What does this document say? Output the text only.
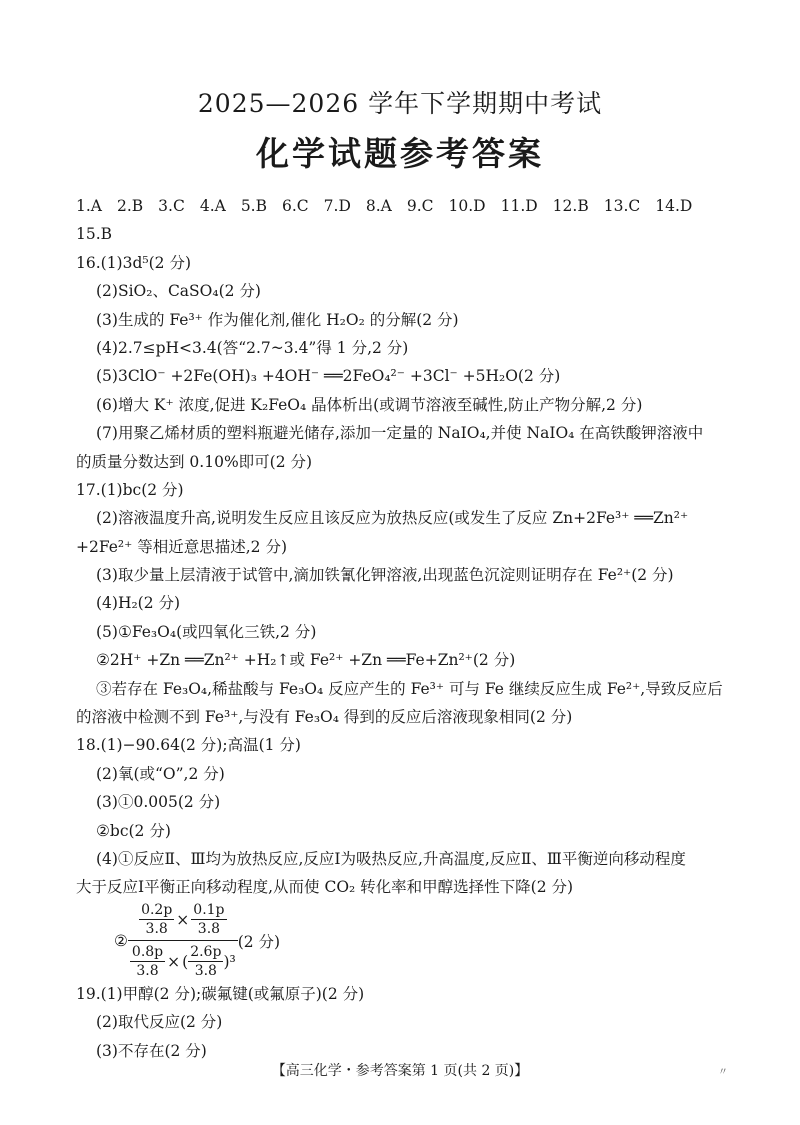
2025—2026 学年下学期期中考试
化学试题参考答案
1.A 2.B 3.C 4.A 5.B 6.C 7.D 8.A 9.C 10.D 11.D 12.B 13.C 14.D
15.B
16.(1)3d⁵(2 分)
(2)SiO₂、CaSO₄(2 分)
(3)生成的 Fe³⁺ 作为催化剂,催化 H₂O₂ 的分解(2 分)
(4)2.7≤pH<3.4(答“2.7~3.4”得 1 分,2 分)
(5)3ClO⁻ +2Fe(OH)₃ +4OH⁻ ══2FeO₄²⁻ +3Cl⁻ +5H₂O(2 分)
(6)增大 K⁺ 浓度,促进 K₂FeO₄ 晶体析出(或调节溶液至碱性,防止产物分解,2 分)
(7)用聚乙烯材质的塑料瓶避光储存,添加一定量的 NaIO₄,并使 NaIO₄ 在高铁酸钾溶液中
的质量分数达到 0.10%即可(2 分)
17.(1)bc(2 分)
(2)溶液温度升高,说明发生反应且该反应为放热反应(或发生了反应 Zn+2Fe³⁺ ══Zn²⁺
+2Fe²⁺ 等相近意思描述,2 分)
(3)取少量上层清液于试管中,滴加铁氰化钾溶液,出现蓝色沉淀则证明存在 Fe²⁺(2 分)
(4)H₂(2 分)
(5)①Fe₃O₄(或四氧化三铁,2 分)
②2H⁺ +Zn ══Zn²⁺ +H₂↑或 Fe²⁺ +Zn ══Fe+Zn²⁺(2 分)
③若存在 Fe₃O₄,稀盐酸与 Fe₃O₄ 反应产生的 Fe³⁺ 可与 Fe 继续反应生成 Fe²⁺,导致反应后
的溶液中检测不到 Fe³⁺,与没有 Fe₃O₄ 得到的反应后溶液现象相同(2 分)
18.(1)−90.64(2 分);高温(1 分)
(2)氧(或“O”,2 分)
(3)①0.005(2 分)
②bc(2 分)
(4)①反应Ⅱ、Ⅲ均为放热反应,反应Ⅰ为吸热反应,升高温度,反应Ⅱ、Ⅲ平衡逆向移动程度
大于反应Ⅰ平衡正向移动程度,从而使 CO₂ 转化率和甲醇选择性下降(2 分)
② $\frac{\frac{0.2p}{3.8} \times \frac{0.1p}{3.8}}{\frac{0.8p}{3.8} \times ( \frac{2.6p}{3.8} )^3} (2$ 分)
19.(1)甲醇(2 分);碳氟键(或氟原子)(2 分)
(2)取代反应(2 分)
(3)不存在(2 分)
【高三化学・参考答案第 1 页(共 2 页)】	〃
